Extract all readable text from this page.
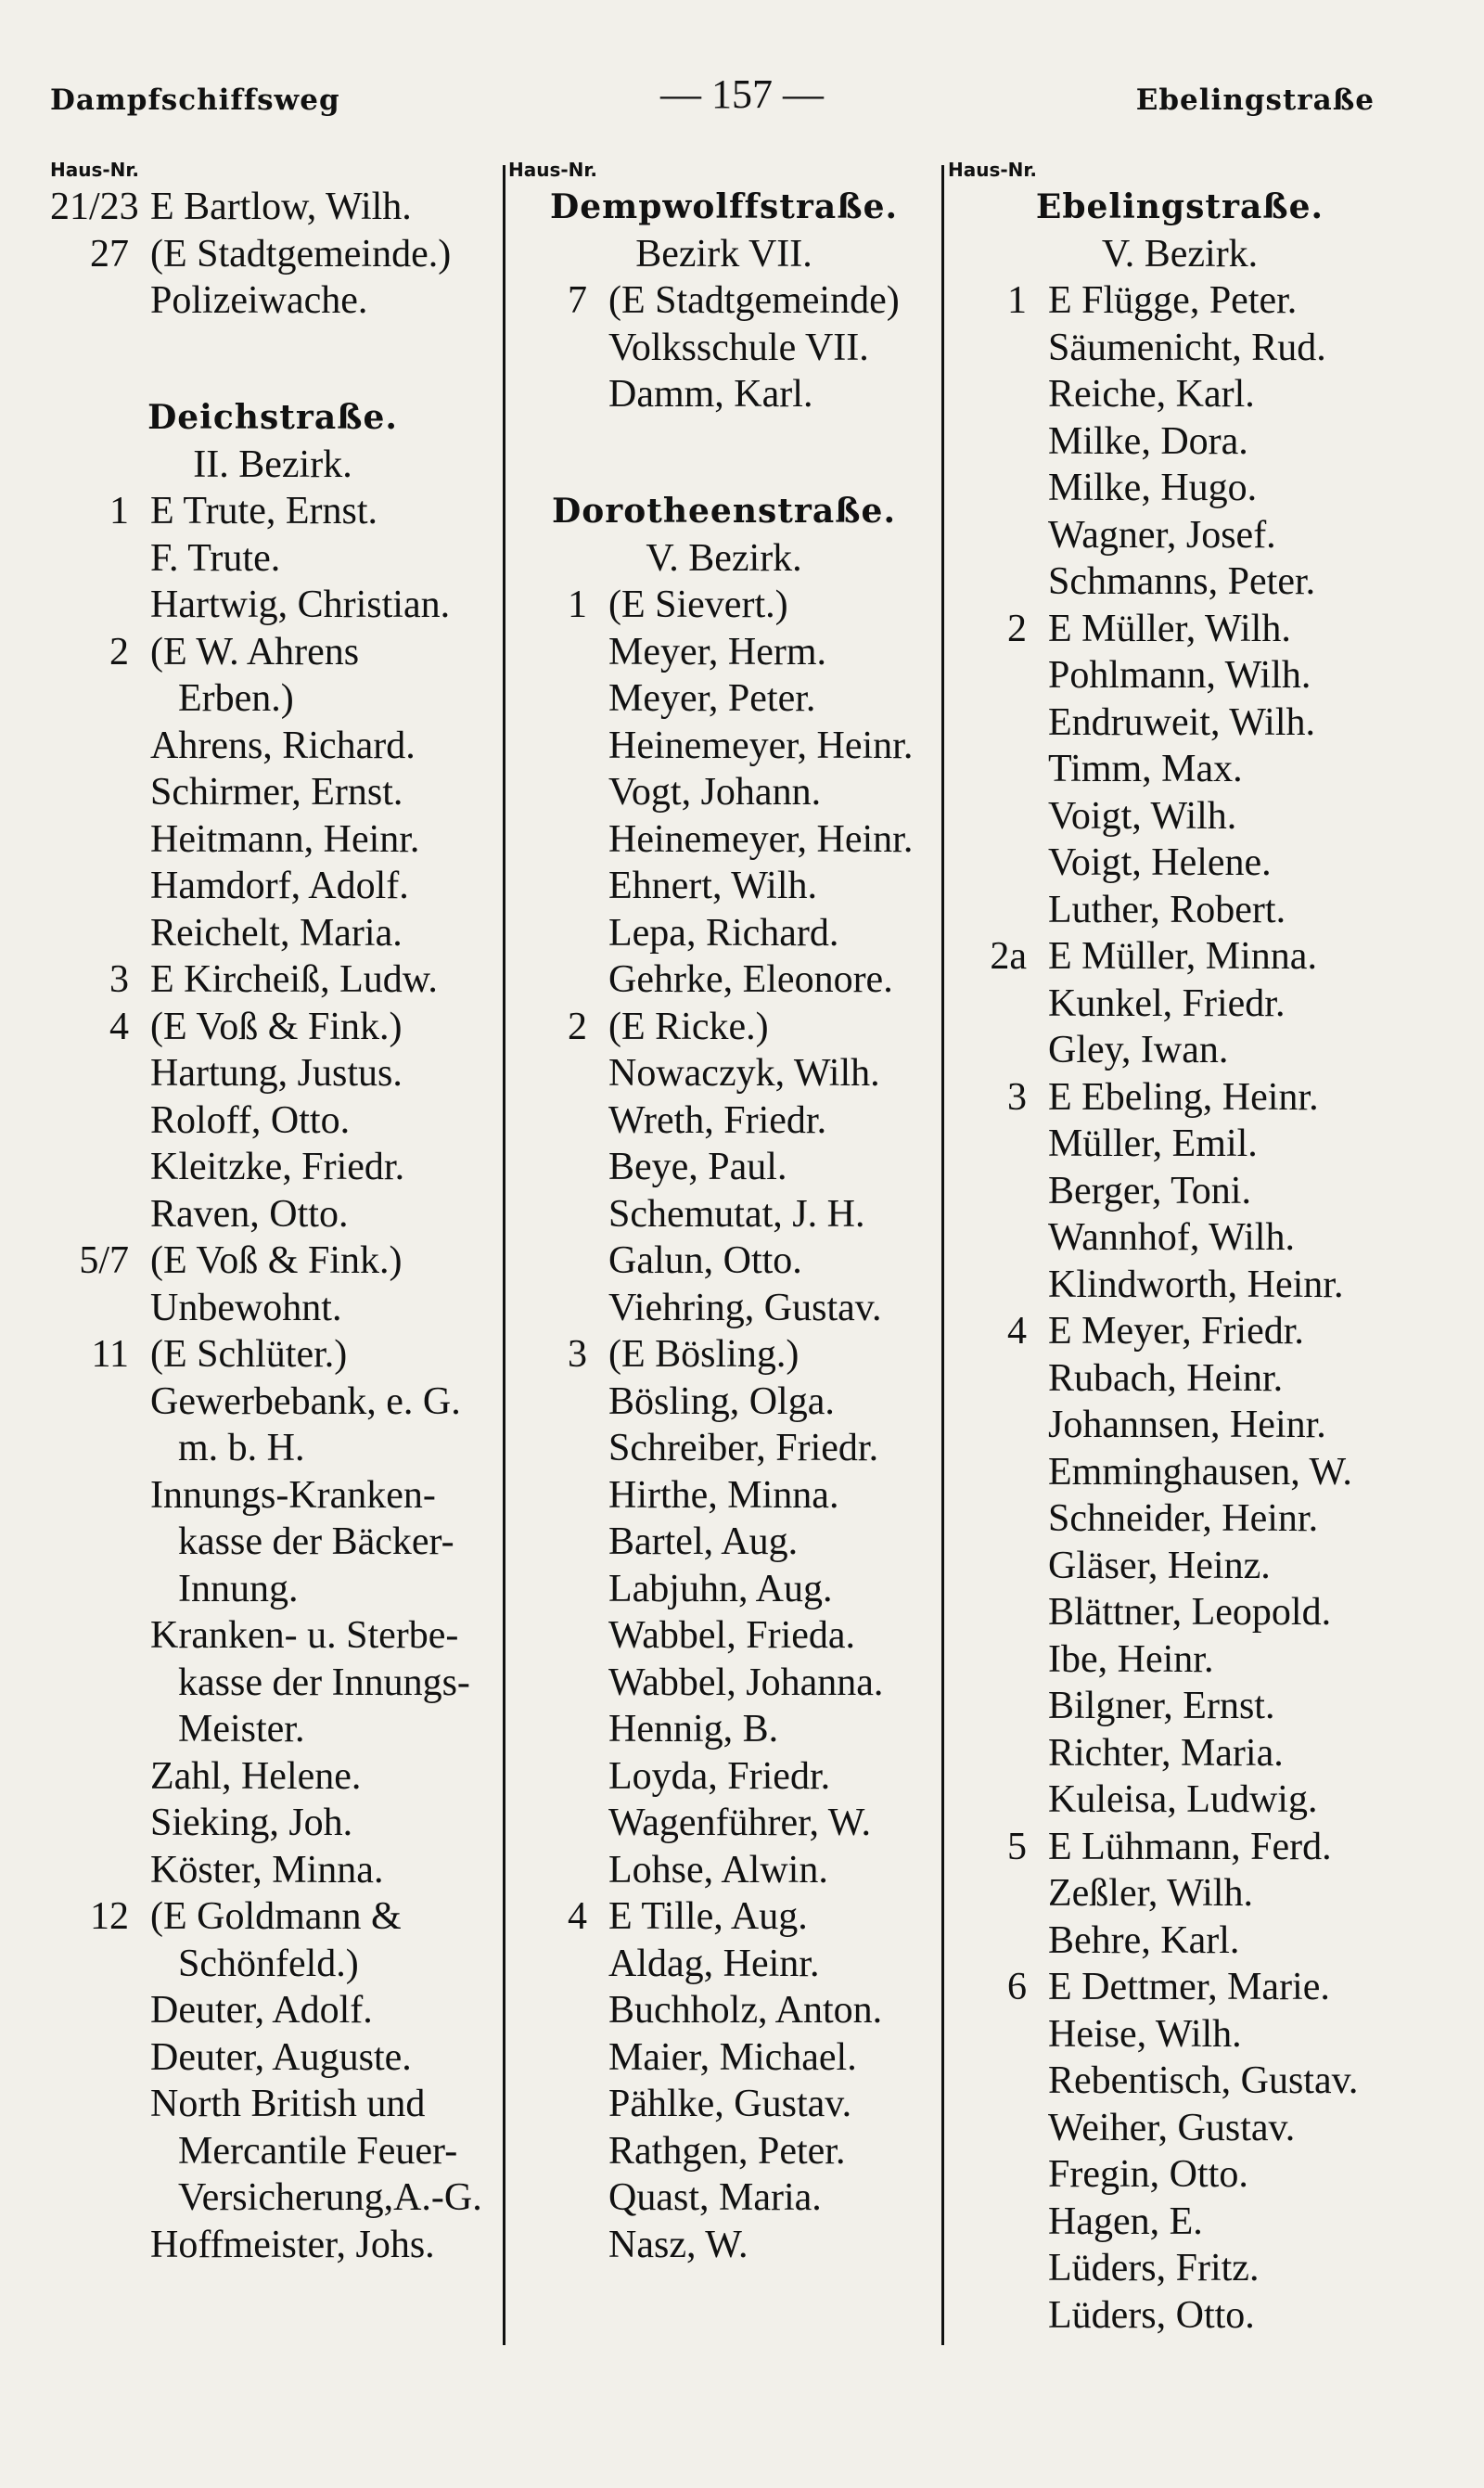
Dampfschiffsweg	— 157 —	Ebelingstraße
Haus-Nr.
21/23 E Bartlow, Wilh.
27 (E Stadtgemeinde.)
Polizeiwache.
Deichstraße.
II. Bezirk.
1 E Trute, Ernst.
F. Trute.
Hartwig, Christian.
2 (E W. Ahrens
Erben.)
Ahrens, Richard.
Schirmer, Ernst.
Heitmann, Heinr.
Hamdorf, Adolf.
Reichelt, Maria.
3 E Kircheiß, Ludw.
4 (E Voß & Fink.)
Hartung, Justus.
Roloff, Otto.
Kleitzke, Friedr.
Raven, Otto.
5/7 (E Voß & Fink.)
Unbewohnt.
11 (E Schlüter.)
Gewerbebank, e. G.
m. b. H.
Innungs-Kranken-
kasse der Bäcker-
Innung.
Kranken- u. Sterbe-
kasse der Innungs-
Meister.
Zahl, Helene.
Sieking, Joh.
Köster, Minna.
12 (E Goldmann &
Schönfeld.)
Deuter, Adolf.
Deuter, Auguste.
North British und
Mercantile Feuer-
Versicherung,A.-G.
Hoffmeister, Johs.
Haus-Nr.
Dempwolffstraße.
Bezirk VII.
7 (E Stadtgemeinde)
Volksschule VII.
Damm, Karl.
Dorotheenstraße.
V. Bezirk.
1 (E Sievert.)
Meyer, Herm.
Meyer, Peter.
Heinemeyer, Heinr.
Vogt, Johann.
Heinemeyer, Heinr.
Ehnert, Wilh.
Lepa, Richard.
Gehrke, Eleonore.
2 (E Ricke.)
Nowaczyk, Wilh.
Wreth, Friedr.
Beye, Paul.
Schemutat, J. H.
Galun, Otto.
Viehring, Gustav.
3 (E Bösling.)
Bösling, Olga.
Schreiber, Friedr.
Hirthe, Minna.
Bartel, Aug.
Labjuhn, Aug.
Wabbel, Frieda.
Wabbel, Johanna.
Hennig, B.
Loyda, Friedr.
Wagenführer, W.
Lohse, Alwin.
4 E Tille, Aug.
Aldag, Heinr.
Buchholz, Anton.
Maier, Michael.
Pählke, Gustav.
Rathgen, Peter.
Quast, Maria.
Nasz, W.
Haus-Nr.
Ebelingstraße.
V. Bezirk.
1 E Flügge, Peter.
Säumenicht, Rud.
Reiche, Karl.
Milke, Dora.
Milke, Hugo.
Wagner, Josef.
Schmanns, Peter.
2 E Müller, Wilh.
Pohlmann, Wilh.
Endruweit, Wilh.
Timm, Max.
Voigt, Wilh.
Voigt, Helene.
Luther, Robert.
2a E Müller, Minna.
Kunkel, Friedr.
Gley, Iwan.
3 E Ebeling, Heinr.
Müller, Emil.
Berger, Toni.
Wannhof, Wilh.
Klindworth, Heinr.
4 E Meyer, Friedr.
Rubach, Heinr.
Johannsen, Heinr.
Emminghausen, W.
Schneider, Heinr.
Gläser, Heinz.
Blättner, Leopold.
Ibe, Heinr.
Bilgner, Ernst.
Richter, Maria.
Kuleisa, Ludwig.
5 E Lühmann, Ferd.
Zeßler, Wilh.
Behre, Karl.
6 E Dettmer, Marie.
Heise, Wilh.
Rebentisch, Gustav.
Weiher, Gustav.
Fregin, Otto.
Hagen, E.
Lüders, Fritz.
Lüders, Otto.
